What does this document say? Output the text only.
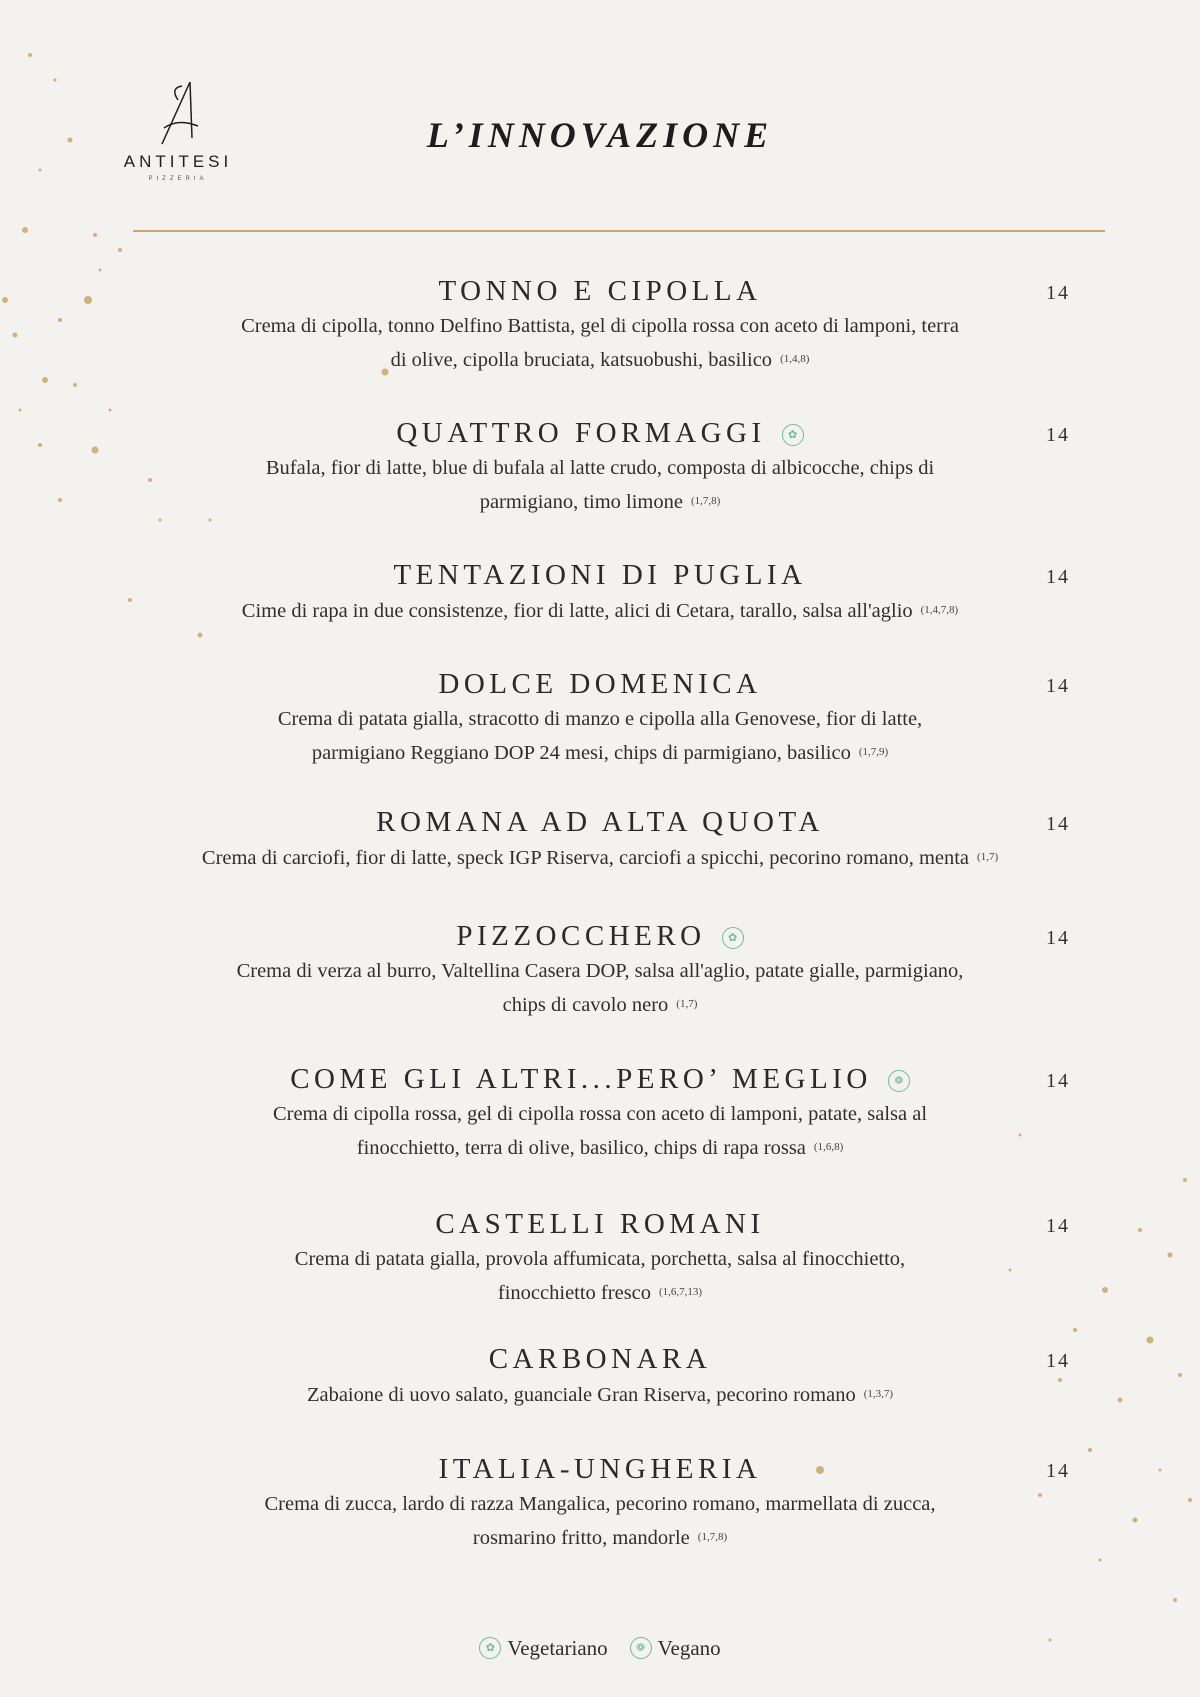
ANTITESI
PIZZERIA
L’INNOVAZIONE
TONNO E CIPOLLA	14
Crema di cipolla, tonno Delfino Battista, gel di cipolla rossa con aceto di lamponi, terra
di olive, cipolla bruciata, katsuobushi, basilico (1,4,8)
QUATTRO FORMAGGI ✿	14
Bufala, fior di latte, blue di bufala al latte crudo, composta di albicocche, chips di
parmigiano, timo limone (1,7,8)
TENTAZIONI DI PUGLIA	14
Cime di rapa in due consistenze, fior di latte, alici di Cetara, tarallo, salsa all'aglio (1,4,7,8)
DOLCE DOMENICA	14
Crema di patata gialla, stracotto di manzo e cipolla alla Genovese, fior di latte,
parmigiano Reggiano DOP 24 mesi, chips di parmigiano, basilico (1,7,9)
ROMANA AD ALTA QUOTA	14
Crema di carciofi, fior di latte, speck IGP Riserva, carciofi a spicchi, pecorino romano, menta (1,7)
PIZZOCCHERO ✿	14
Crema di verza al burro, Valtellina Casera DOP, salsa all'aglio, patate gialle, parmigiano,
chips di cavolo nero (1,7)
COME GLI ALTRI...PERO’ MEGLIO ❁	14
Crema di cipolla rossa, gel di cipolla rossa con aceto di lamponi, patate, salsa al
finocchietto, terra di olive, basilico, chips di rapa rossa (1,6,8)
CASTELLI ROMANI	14
Crema di patata gialla, provola affumicata, porchetta, salsa al finocchietto,
finocchietto fresco (1,6,7,13)
CARBONARA	14
Zabaione di uovo salato, guanciale Gran Riserva, pecorino romano (1,3,7)
ITALIA-UNGHERIA	14
Crema di zucca, lardo di razza Mangalica, pecorino romano, marmellata di zucca,
rosmarino fritto, mandorle (1,7,8)
✿ Vegetariano	❁ Vegano
